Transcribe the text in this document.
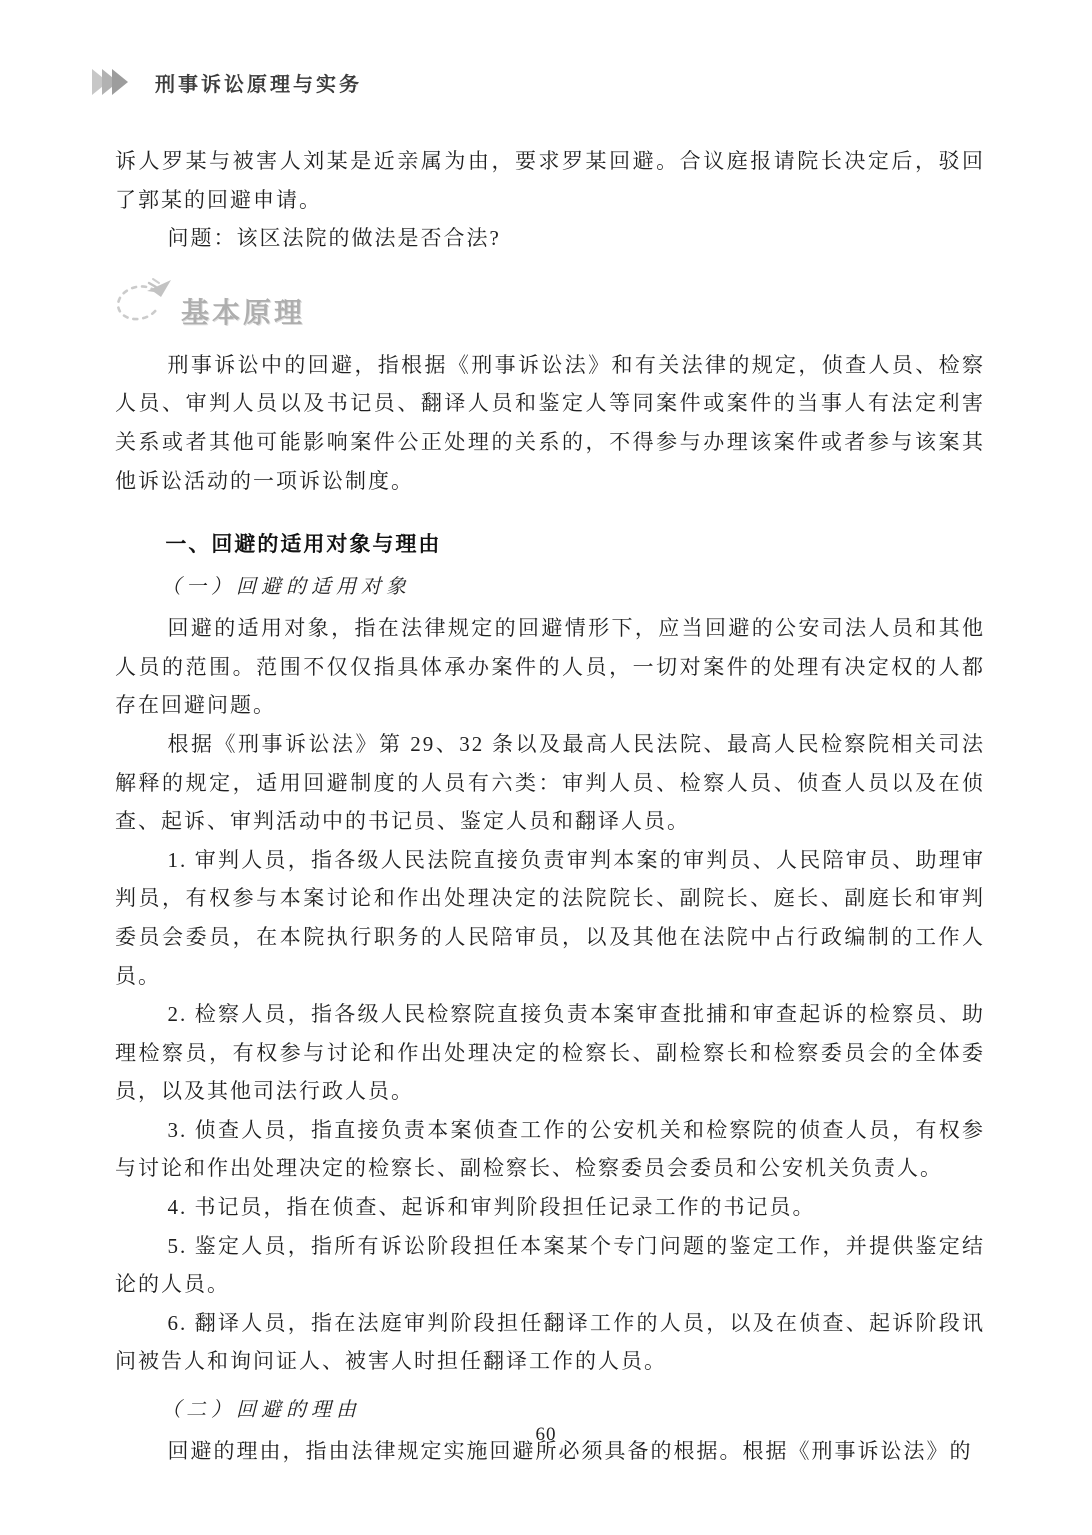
刑事诉讼原理与实务

诉人罗某与被害人刘某是近亲属为由，要求罗某回避。合议庭报请院长决定后，驳回了郭某的回避申请。

问题：该区法院的做法是否合法?

基本原理

刑事诉讼中的回避，指根据《刑事诉讼法》和有关法律的规定，侦查人员、检察人员、审判人员以及书记员、翻译人员和鉴定人等同案件或案件的当事人有法定利害关系或者其他可能影响案件公正处理的关系的，不得参与办理该案件或者参与该案其他诉讼活动的一项诉讼制度。

一、回避的适用对象与理由
（一）回避的适用对象

回避的适用对象，指在法律规定的回避情形下，应当回避的公安司法人员和其他人员的范围。范围不仅仅指具体承办案件的人员，一切对案件的处理有决定权的人都存在回避问题。

根据《刑事诉讼法》第 29、32 条以及最高人民法院、最高人民检察院相关司法解释的规定，适用回避制度的人员有六类：审判人员、检察人员、侦查人员以及在侦查、起诉、审判活动中的书记员、鉴定人员和翻译人员。

1. 审判人员，指各级人民法院直接负责审判本案的审判员、人民陪审员、助理审判员，有权参与本案讨论和作出处理决定的法院院长、副院长、庭长、副庭长和审判委员会委员，在本院执行职务的人民陪审员，以及其他在法院中占行政编制的工作人员。

2. 检察人员，指各级人民检察院直接负责本案审查批捕和审查起诉的检察员、助理检察员，有权参与讨论和作出处理决定的检察长、副检察长和检察委员会的全体委员，以及其他司法行政人员。

3. 侦查人员，指直接负责本案侦查工作的公安机关和检察院的侦查人员，有权参与讨论和作出处理决定的检察长、副检察长、检察委员会委员和公安机关负责人。

4. 书记员，指在侦查、起诉和审判阶段担任记录工作的书记员。

5. 鉴定人员，指所有诉讼阶段担任本案某个专门问题的鉴定工作，并提供鉴定结论的人员。

6. 翻译人员，指在法庭审判阶段担任翻译工作的人员，以及在侦查、起诉阶段讯问被告人和询问证人、被害人时担任翻译工作的人员。

（二）回避的理由

回避的理由，指由法律规定实施回避所必须具备的根据。根据《刑事诉讼法》的

60
